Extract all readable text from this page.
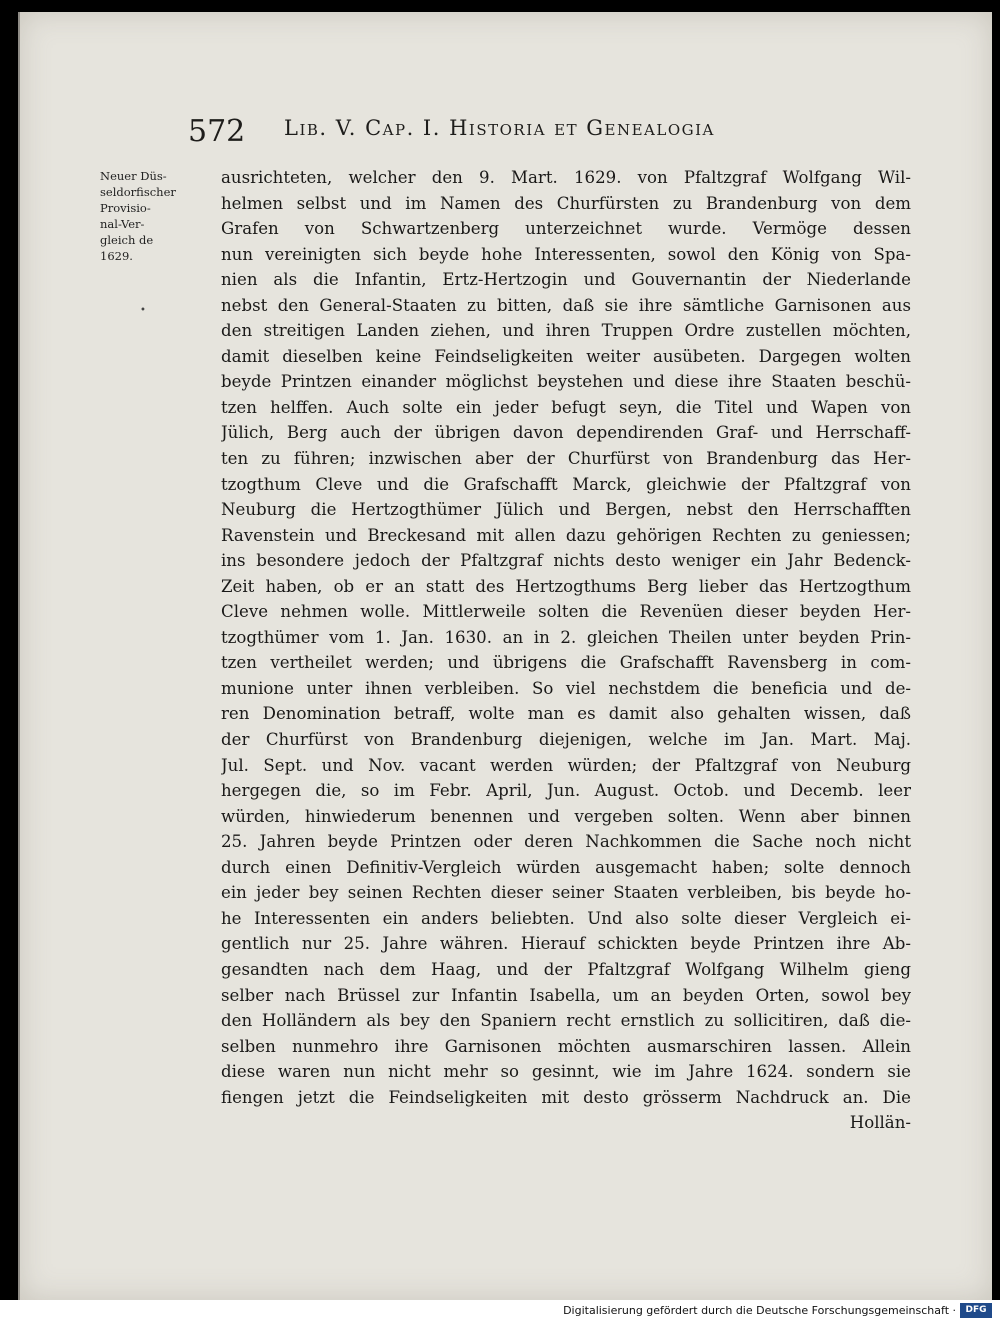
572 Lib. V. Cap. I. Historia et Genealogia
Neuer Düs-
seldorfischer
Provisio-
nal-Ver-
gleich de
1629.
•
ausrichteten, welcher den 9. Mart. 1629. von Pfaltzgraf Wolfgang Wil-
helmen selbst und im Namen des Churfürsten zu Brandenburg von dem
Grafen von Schwartzenberg unterzeichnet wurde. Vermöge dessen
nun vereinigten sich beyde hohe Interessenten, sowol den König von Spa-
nien als die Infantin, Ertz-Hertzogin und Gouvernantin der Niederlande
nebst den General-Staaten zu bitten, daß sie ihre sämtliche Garnisonen aus
den streitigen Landen ziehen, und ihren Truppen Ordre zustellen möchten,
damit dieselben keine Feindseligkeiten weiter ausübeten. Dargegen wolten
beyde Printzen einander möglichst beystehen und diese ihre Staaten beschü-
tzen helffen. Auch solte ein jeder befugt seyn, die Titel und Wapen von
Jülich, Berg auch der übrigen davon dependirenden Graf- und Herrschaff-
ten zu führen; inzwischen aber der Churfürst von Brandenburg das Her-
tzogthum Cleve und die Grafschafft Marck, gleichwie der Pfaltzgraf von
Neuburg die Hertzogthümer Jülich und Bergen, nebst den Herrschafften
Ravenstein und Breckesand mit allen dazu gehörigen Rechten zu geniessen;
ins besondere jedoch der Pfaltzgraf nichts desto weniger ein Jahr Bedenck-
Zeit haben, ob er an statt des Hertzogthums Berg lieber das Hertzogthum
Cleve nehmen wolle. Mittlerweile solten die Revenüen dieser beyden Her-
tzogthümer vom 1. Jan. 1630. an in 2. gleichen Theilen unter beyden Prin-
tzen vertheilet werden; und übrigens die Grafschafft Ravensberg in com-
munione unter ihnen verbleiben. So viel nechstdem die beneficia und de-
ren Denomination betraff, wolte man es damit also gehalten wissen, daß
der Churfürst von Brandenburg diejenigen, welche im Jan. Mart. Maj.
Jul. Sept. und Nov. vacant werden würden; der Pfaltzgraf von Neuburg
hergegen die, so im Febr. April, Jun. August. Octob. und Decemb. leer
würden, hinwiederum benennen und vergeben solten. Wenn aber binnen
25. Jahren beyde Printzen oder deren Nachkommen die Sache noch nicht
durch einen Definitiv-Vergleich würden ausgemacht haben; solte dennoch
ein jeder bey seinen Rechten dieser seiner Staaten verbleiben, bis beyde ho-
he Interessenten ein anders beliebten. Und also solte dieser Vergleich ei-
gentlich nur 25. Jahre währen. Hierauf schickten beyde Printzen ihre Ab-
gesandten nach dem Haag, und der Pfaltzgraf Wolfgang Wilhelm gieng
selber nach Brüssel zur Infantin Isabella, um an beyden Orten, sowol bey
den Holländern als bey den Spaniern recht ernstlich zu sollicitiren, daß die-
selben nunmehro ihre Garnisonen möchten ausmarschiren lassen. Allein
diese waren nun nicht mehr so gesinnt, wie im Jahre 1624. sondern sie
fiengen jetzt die Feindseligkeiten mit desto grösserm Nachdruck an. Die
Hollän-
Digitalisierung gefördert durch die Deutsche Forschungsgemeinschaft ·	DFG
